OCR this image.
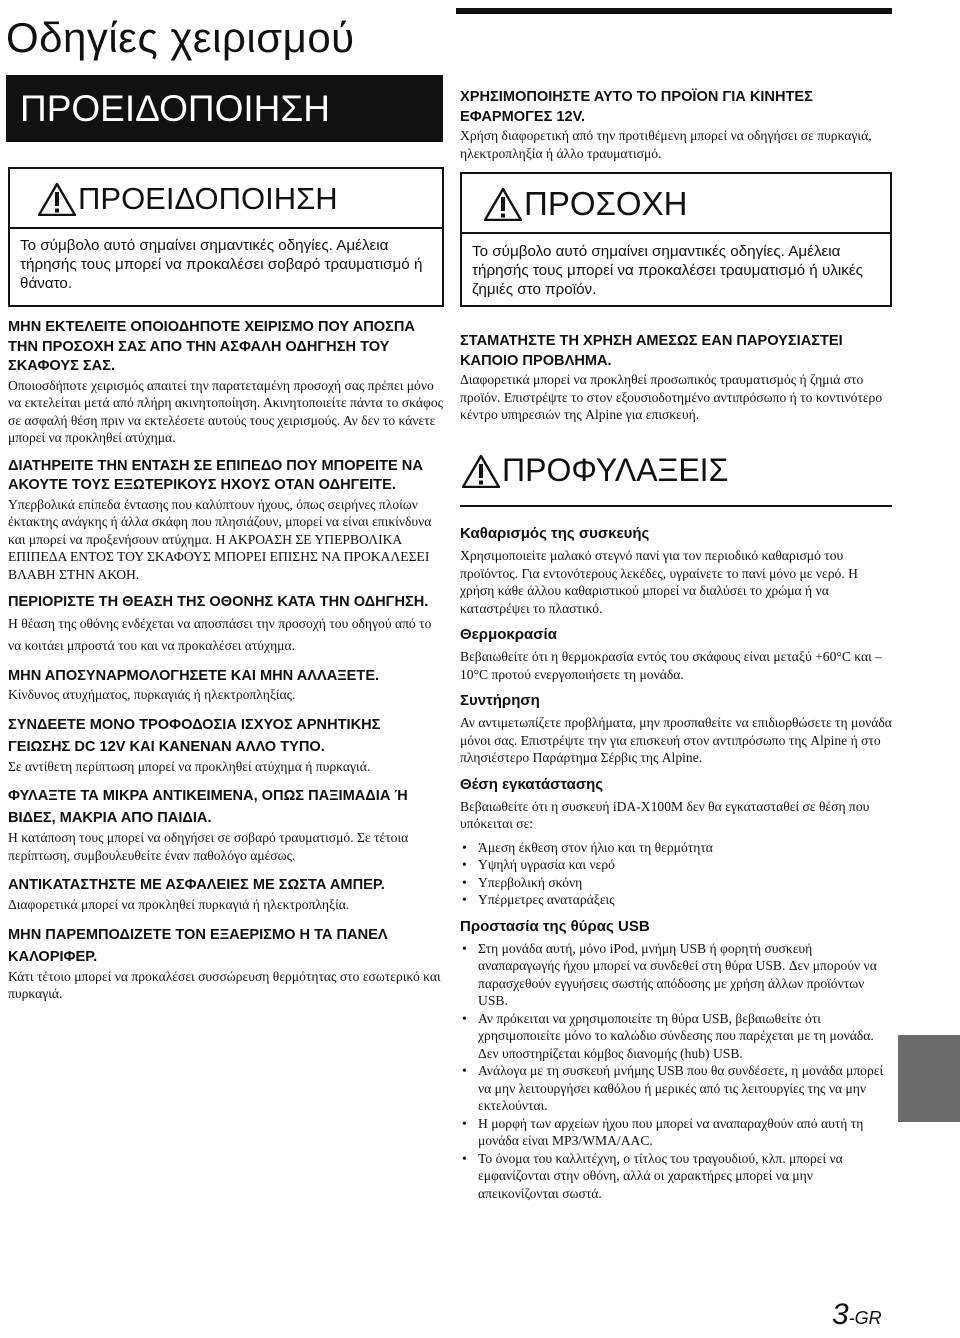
Οδηγίες χειρισμού
ΠΡΟΕΙΔΟΠΟΙΗΣΗ
ΠΡΟΕΙΔΟΠΟΙΗΣΗ
Το σύμβολο αυτό σημαίνει σημαντικές οδηγίες. Αμέλεια τήρησής τους μπορεί να προκαλέσει σοβαρό τραυματισμό ή θάνατο.

ΜΗΝ ΕΚΤΕΛΕΙΤΕ ΟΠΟΙΟΔΗΠΟΤΕ ΧΕΙΡΙΣΜΟ ΠΟΥ ΑΠΟΣΠΑ ΤΗΝ ΠΡΟΣΟΧΗ ΣΑΣ ΑΠΟ ΤΗΝ ΑΣΦΑΛΗ ΟΔΗΓΗΣΗ ΤΟΥ ΣΚΑΦΟΥΣ ΣΑΣ.

Οποιοσδήποτε χειρισμός απαιτεί την παρατεταμένη προσοχή σας πρέπει μόνο να εκτελείται μετά από πλήρη ακινητοποίηση. Ακινητοποιείτε πάντα το σκάφος σε ασφαλή θέση πριν να εκτελέσετε αυτούς τους χειρισμούς. Αν δεν το κάνετε μπορεί να προκληθεί ατύχημα.

ΔΙΑΤΗΡΕΙΤΕ ΤΗΝ ΕΝΤΑΣΗ ΣΕ ΕΠΙΠΕΔΟ ΠΟΥ ΜΠΟΡΕΙΤΕ ΝΑ ΑΚΟΥΤΕ ΤΟΥΣ ΕΞΩΤΕΡΙΚΟΥΣ ΗΧΟΥΣ ΟΤΑΝ ΟΔΗΓΕΙΤΕ.

Υπερβολικά επίπεδα έντασης που καλύπτουν ήχους, όπως σειρήνες πλοίων έκτακτης ανάγκης ή άλλα σκάφη που πλησιάζουν, μπορεί να είναι επικίνδυνα και μπορεί να προξενήσουν ατύχημα. Η ΑΚΡΟΑΣΗ ΣΕ ΥΠΕΡΒΟΛΙΚΑ ΕΠΙΠΕΔΑ ΕΝΤΟΣ ΤΟΥ ΣΚΑΦΟΥΣ ΜΠΟΡΕΙ ΕΠΙΣΗΣ ΝΑ ΠΡΟΚΑΛΕΣΕΙ ΒΛΑΒΗ ΣΤΗΝ ΑΚΟΗ.

ΠΕΡΙΟΡΙΣΤΕ ΤΗ ΘΕΑΣΗ ΤΗΣ ΟΘΟΝΗΣ ΚΑΤΑ ΤΗΝ ΟΔΗΓΗΣΗ.

Η θέαση της οθόνης ενδέχεται να αποσπάσει την προσοχή του οδηγού από το να κοιτάει μπροστά του και να προκαλέσει ατύχημα.

ΜΗΝ ΑΠΟΣΥΝΑΡΜΟΛΟΓΗΣΕΤΕ ΚΑΙ ΜΗΝ ΑΛΛΑΞΕΤΕ.

Κίνδυνος ατυχήματος, πυρκαγιάς ή ηλεκτροπληξίας.

ΣΥΝΔΕΕΤΕ ΜΟΝΟ ΤΡΟΦΟΔΟΣΙΑ ΙΣΧΥΟΣ ΑΡΝΗΤΙΚΗΣ ΓΕΙΩΣΗΣ DC 12V ΚΑΙ ΚΑΝΕΝΑΝ ΑΛΛΟ ΤΥΠΟ.

Σε αντίθετη περίπτωση μπορεί να προκληθεί ατύχημα ή πυρκαγιά.

ΦΥΛΑΞΤΕ ΤΑ ΜΙΚΡΑ ΑΝΤΙΚΕΙΜΕΝΑ, ΟΠΩΣ ΠΑΞΙΜΑΔΙΑ Ή ΒΙΔΕΣ, ΜΑΚΡΙΑ ΑΠΟ ΠΑΙΔΙΑ.

Η κατάποση τους μπορεί να οδηγήσει σε σοβαρό τραυματισμό. Σε τέτοια περίπτωση, συμβουλευθείτε έναν παθολόγο αμέσως.

ΑΝΤΙΚΑΤΑΣΤΗΣΤΕ ΜΕ ΑΣΦΑΛΕΙΕΣ ΜΕ ΣΩΣΤΑ ΑΜΠΕΡ.

Διαφορετικά μπορεί να προκληθεί πυρκαγιά ή ηλεκτροπληξία.

ΜΗΝ ΠΑΡΕΜΠΟΔΙΖΕΤΕ ΤΟΝ ΕΞΑΕΡΙΣΜΟ Η ΤΑ ΠΑΝΕΛ ΚΑΛΟΡΙΦΕΡ.

Κάτι τέτοιο μπορεί να προκαλέσει συσσώρευση θερμότητας στο εσωτερικό και πυρκαγιά.

ΧΡΗΣΙΜΟΠΟΙΗΣΤΕ ΑΥΤΟ ΤΟ ΠΡΟΪΟΝ ΓΙΑ ΚΙΝΗΤΕΣ ΕΦΑΡΜΟΓΕΣ 12V.

Χρήση διαφορετική από την προτιθέμενη μπορεί να οδηγήσει σε πυρκαγιά, ηλεκτροπληξία ή άλλο τραυματισμό.

ΠΡΟΣΟΧΗ
Το σύμβολο αυτό σημαίνει σημαντικές οδηγίες. Αμέλεια τήρησής τους μπορεί να προκαλέσει τραυματισμό ή υλικές ζημιές στο προϊόν.

ΣΤΑΜΑΤΗΣΤΕ ΤΗ ΧΡΗΣΗ ΑΜΕΣΩΣ ΕΑΝ ΠΑΡΟΥΣΙΑΣΤΕΙ ΚΑΠΟΙΟ ΠΡΟΒΛΗΜΑ.

Διαφορετικά μπορεί να προκληθεί προσωπικός τραυματισμός ή ζημιά στο προϊόν. Επιστρέψτε το στον εξουσιοδοτημένο αντιπρόσωπο ή το κοντινότερο κέντρο υπηρεσιών της Alpine για επισκευή.

ΠΡΟΦΥΛΑΞΕΙΣ

Καθαρισμός της συσκευής

Χρησιμοποιείτε μαλακό στεγνό πανί για τον περιοδικό καθαρισμό του προϊόντος. Για εντονότερους λεκέδες, υγραίνετε το πανί μόνο με νερό. Η χρήση κάθε άλλου καθαριστικού μπορεί να διαλύσει το χρώμα ή να καταστρέψει το πλαστικό.

Θερμοκρασία

Βεβαιωθείτε ότι η θερμοκρασία εντός του σκάφους είναι μεταξύ +60°C και –10°C προτού ενεργοποιήσετε τη μονάδα.

Συντήρηση

Αν αντιμετωπίζετε προβλήματα, μην προσπαθείτε να επιδιορθώσετε τη μονάδα μόνοι σας. Επιστρέψτε την για επισκευή στον αντιπρόσωπο της Alpine ή στο πλησιέστερο Παράρτημα Σέρβις της Alpine.

Θέση εγκατάστασης

Βεβαιωθείτε ότι η συσκευή iDA-X100M δεν θα εγκατασταθεί σε θέση που υπόκειται σε:

• Άμεση έκθεση στον ήλιο και τη θερμότητα
• Υψηλή υγρασία και νερό
• Υπερβολική σκόνη
• Υπέρμετρες αναταράξεις

Προστασία της θύρας USB

• Στη μονάδα αυτή, μόνο iPod, μνήμη USB ή φορητή συσκευή αναπαραγωγής ήχου μπορεί να συνδεθεί στη θύρα USB. Δεν μπορούν να παρασχεθούν εγγυήσεις σωστής απόδοσης με χρήση άλλων προϊόντων USB.
• Αν πρόκειται να χρησιμοποιείτε τη θύρα USB, βεβαιωθείτε ότι χρησιμοποιείτε μόνο το καλώδιο σύνδεσης που παρέχεται με τη μονάδα. Δεν υποστηρίζεται κόμβος διανομής (hub) USB.
• Ανάλογα με τη συσκευή μνήμης USB που θα συνδέσετε, η μονάδα μπορεί να μην λειτουργήσει καθόλου ή μερικές από τις λειτουργίες της να μην εκτελούνται.
• Η μορφή των αρχείων ήχου που μπορεί να αναπαραχθούν από αυτή τη μονάδα είναι MP3/WMA/AAC.
• Το όνομα του καλλιτέχνη, ο τίτλος του τραγουδιού, κλπ. μπορεί να εμφανίζονται στην οθόνη, αλλά οι χαρακτήρες μπορεί να μην απεικονίζονται σωστά.
3-GR
